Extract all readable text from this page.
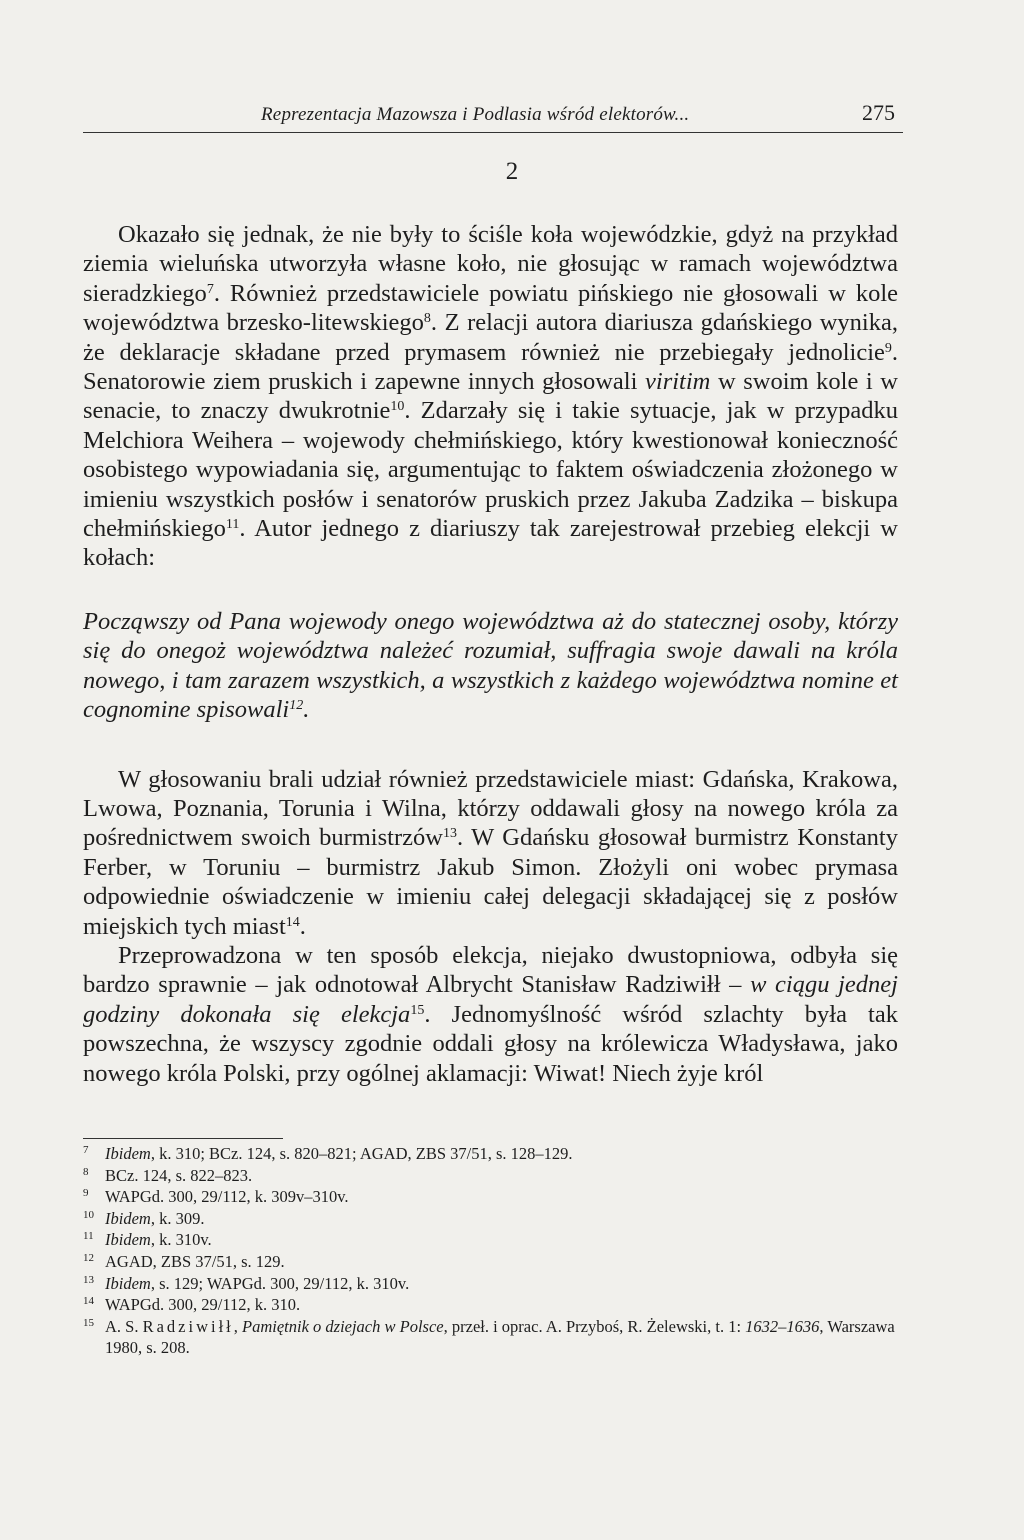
Reprezentacja Mazowsza i Podlasia wśród elektorów...	275
2

Okazało się jednak, że nie były to ściśle koła wojewódzkie, gdyż na przykład ziemia wieluńska utworzyła własne koło, nie głosując w ramach województwa sieradzkiego$^7$. Również przedstawiciele powiatu pińskiego nie głosowali w kole województwa brzesko-litewskiego$^8$. Z relacji autora diariusza gdańskiego wynika, że deklaracje składane przed prymasem również nie przebiegały jednolicie$^9$. Senatorowie ziem pruskich i zapewne innych głosowali viritim w swoim kole i w senacie, to znaczy dwukrotnie$^{10}$. Zdarzały się i takie sytuacje, jak w przypadku Melchiora Weihera – wojewody chełmińskiego, który kwestionował konieczność osobistego wypowiadania się, argumentując to faktem oświadczenia złożonego w imieniu wszystkich posłów i senatorów pruskich przez Jakuba Zadzika – biskupa chełmińskiego$^{11}$. Autor jednego z diariuszy tak zarejestrował przebieg elekcji w kołach:

Począwszy od Pana wojewody onego województwa aż do statecznej osoby, którzy się do onegoż województwa należeć rozumiał, suffragia swoje dawali na króla nowego, i tam zarazem wszystkich, a wszystkich z każdego województwa nomine et cognomine spisowali$^{12}$.

W głosowaniu brali udział również przedstawiciele miast: Gdańska, Krakowa, Lwowa, Poznania, Torunia i Wilna, którzy oddawali głosy na nowego króla za pośrednictwem swoich burmistrzów$^{13}$. W Gdańsku głosował burmistrz Konstanty Ferber, w Toruniu – burmistrz Jakub Simon. Złożyli oni wobec prymasa odpowiednie oświadczenie w imieniu całej delegacji składającej się z posłów miejskich tych miast$^{14}$.

Przeprowadzona w ten sposób elekcja, niejako dwustopniowa, odbyła się bardzo sprawnie – jak odnotował Albrycht Stanisław Radziwiłł – w ciągu jednej godziny dokonała się elekcja$^{15}$. Jednomyślność wśród szlachty była tak powszechna, że wszyscy zgodnie oddali głosy na królewicza Władysława, jako nowego króla Polski, przy ogólnej aklamacji: Wiwat! Niech żyje król

7 Ibidem, k. 310; BCz. 124, s. 820–821; AGAD, ZBS 37/51, s. 128–129.
8 BCz. 124, s. 822–823.
9 WAPGd. 300, 29/112, k. 309v–310v.
10 Ibidem, k. 309.
11 Ibidem, k. 310v.
12 AGAD, ZBS 37/51, s. 129.
13 Ibidem, s. 129; WAPGd. 300, 29/112, k. 310v.
14 WAPGd. 300, 29/112, k. 310.
15 A. S. Radziwiłł, Pamiętnik o dziejach w Polsce, przeł. i oprac. A. Przyboś, R. Żelewski, t. 1: 1632–1636, Warszawa 1980, s. 208.
